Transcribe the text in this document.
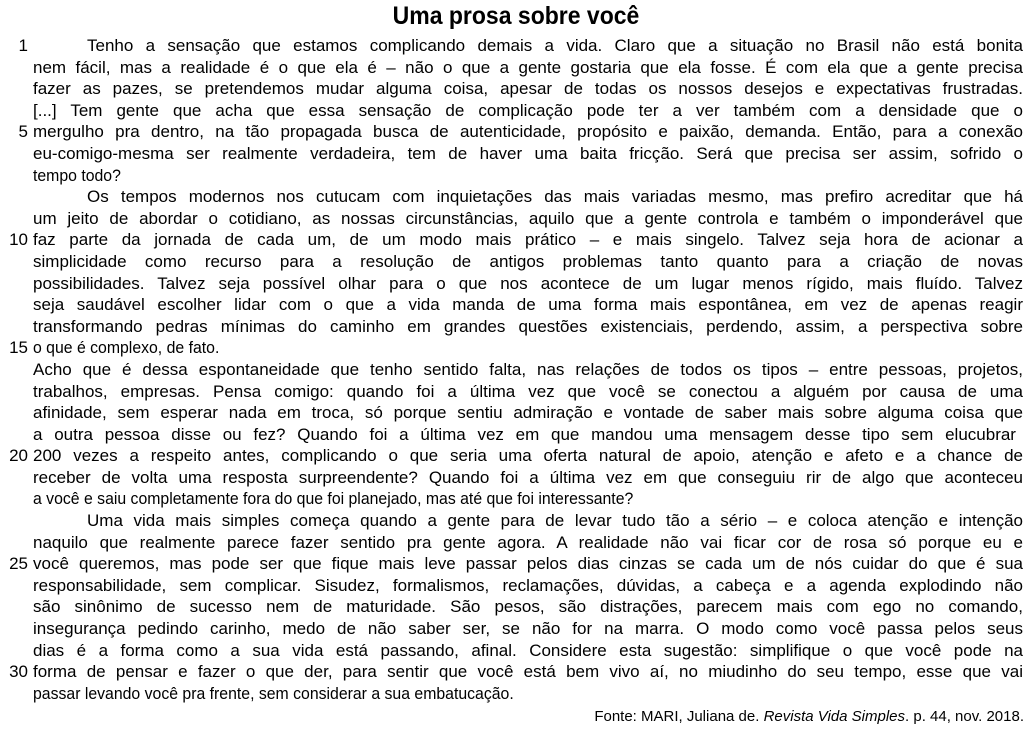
Uma prosa sobre você
1	Tenho a sensação que estamos complicando demais a vida. Claro que a situação no Brasil não está bonita
nem fácil, mas a realidade é o que ela é – não o que a gente gostaria que ela fosse. É com ela que a gente precisa
fazer as pazes, se pretendemos mudar alguma coisa, apesar de todas os nossos desejos e expectativas frustradas.
[...] Tem gente que acha que essa sensação de complicação pode ter a ver também com a densidade que o
5 mergulho pra dentro, na tão propagada busca de autenticidade, propósito e paixão, demanda. Então, para a conexão
eu-comigo-mesma ser realmente verdadeira, tem de haver uma baita fricção. Será que precisa ser assim, sofrido o
tempo todo?
Os tempos modernos nos cutucam com inquietações das mais variadas mesmo, mas prefiro acreditar que há
um jeito de abordar o cotidiano, as nossas circunstâncias, aquilo que a gente controla e também o imponderável que
10 faz parte da jornada de cada um, de um modo mais prático – e mais singelo. Talvez seja hora de acionar a
simplicidade como recurso para a resolução de antigos problemas tanto quanto para a criação de novas
possibilidades. Talvez seja possível olhar para o que nos acontece de um lugar menos rígido, mais fluído. Talvez
seja saudável escolher lidar com o que a vida manda de uma forma mais espontânea, em vez de apenas reagir
transformando pedras mínimas do caminho em grandes questões existenciais, perdendo, assim, a perspectiva sobre
15 o que é complexo, de fato.
Acho que é dessa espontaneidade que tenho sentido falta, nas relações de todos os tipos – entre pessoas, projetos,
trabalhos, empresas. Pensa comigo: quando foi a última vez que você se conectou a alguém por causa de uma
afinidade, sem esperar nada em troca, só porque sentiu admiração e vontade de saber mais sobre alguma coisa que
a outra pessoa disse ou fez? Quando foi a última vez em que mandou uma mensagem desse tipo sem elucubrar
20 200 vezes a respeito antes, complicando o que seria uma oferta natural de apoio, atenção e afeto e a chance de
receber de volta uma resposta surpreendente? Quando foi a última vez em que conseguiu rir de algo que aconteceu
a você e saiu completamente fora do que foi planejado, mas até que foi interessante?
Uma vida mais simples começa quando a gente para de levar tudo tão a sério – e coloca atenção e intenção
naquilo que realmente parece fazer sentido pra gente agora. A realidade não vai ficar cor de rosa só porque eu e
25 você queremos, mas pode ser que fique mais leve passar pelos dias cinzas se cada um de nós cuidar do que é sua
responsabilidade, sem complicar. Sisudez, formalismos, reclamações, dúvidas, a cabeça e a agenda explodindo não
são sinônimo de sucesso nem de maturidade. São pesos, são distrações, parecem mais com ego no comando,
insegurança pedindo carinho, medo de não saber ser, se não for na marra. O modo como você passa pelos seus
dias é a forma como a sua vida está passando, afinal. Considere esta sugestão: simplifique o que você pode na
30 forma de pensar e fazer o que der, para sentir que você está bem vivo aí, no miudinho do seu tempo, esse que vai
passar levando você pra frente, sem considerar a sua embatucação.
Fonte: MARI, Juliana de. Revista Vida Simples. p. 44, nov. 2018.
